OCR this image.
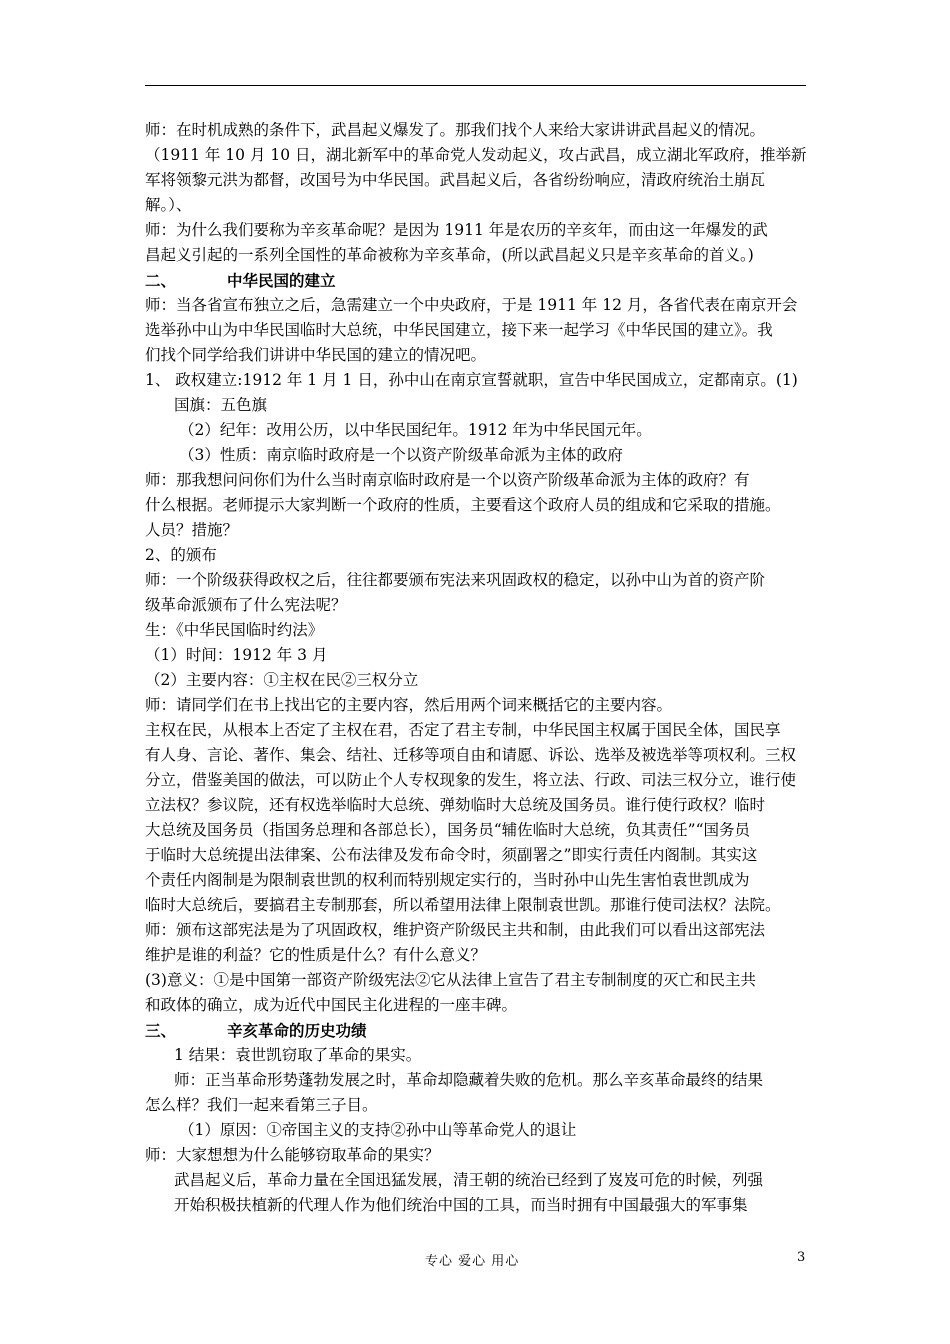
师：在时机成熟的条件下，武昌起义爆发了。那我们找个人来给大家讲讲武昌起义的情况。
（1911 年 10 月 10 日，湖北新军中的革命党人发动起义，攻占武昌，成立湖北军政府，推举新
军将领黎元洪为都督，改国号为中华民国。武昌起义后，各省纷纷响应，清政府统治土崩瓦
解。）、
师：为什么我们要称为辛亥革命呢？是因为 1911 年是农历的辛亥年，而由这一年爆发的武
昌起义引起的一系列全国性的革命被称为辛亥革命，(所以武昌起义只是辛亥革命的首义。)
二、	中华民国的建立
师：当各省宣布独立之后，急需建立一个中央政府，于是 1911 年 12 月，各省代表在南京开会
选举孙中山为中华民国临时大总统，中华民国建立，接下来一起学习《中华民国的建立》。我
们找个同学给我们讲讲中华民国的建立的情况吧。
1、 政权建立:1912 年 1 月 1 日，孙中山在南京宣誓就职，宣告中华民国成立，定都南京。(1)
国旗：五色旗
（2）纪年：改用公历，以中华民国纪年。1912 年为中华民国元年。
（3）性质：南京临时政府是一个以资产阶级革命派为主体的政府
师：那我想问问你们为什么当时南京临时政府是一个以资产阶级革命派为主体的政府？有
什么根据。老师提示大家判断一个政府的性质，主要看这个政府人员的组成和它采取的措施。
人员？措施？
2、的颁布
师：一个阶级获得政权之后，往往都要颁布宪法来巩固政权的稳定，以孙中山为首的资产阶
级革命派颁布了什么宪法呢？
生：《中华民国临时约法》
（1）时间：1912 年 3 月
（2）主要内容：①主权在民②三权分立
师：请同学们在书上找出它的主要内容，然后用两个词来概括它的主要内容。
主权在民，从根本上否定了主权在君，否定了君主专制，中华民国主权属于国民全体，国民享
有人身、言论、著作、集会、结社、迁移等项自由和请愿、诉讼、选举及被选举等项权利。三权
分立，借鉴美国的做法，可以防止个人专权现象的发生，将立法、行政、司法三权分立，谁行使
立法权？参议院，还有权选举临时大总统、弹劾临时大总统及国务员。谁行使行政权？临时
大总统及国务员（指国务总理和各部总长），国务员“辅佐临时大总统，负其责任”“国务员
于临时大总统提出法律案、公布法律及发布命令时，须副署之”即实行责任内阁制。其实这
个责任内阁制是为限制袁世凯的权利而特别规定实行的，当时孙中山先生害怕袁世凯成为
临时大总统后，要搞君主专制那套，所以希望用法律上限制袁世凯。那谁行使司法权？法院。
师：颁布这部宪法是为了巩固政权，维护资产阶级民主共和制，由此我们可以看出这部宪法
维护是谁的利益？它的性质是什么？有什么意义？
(3)意义：①是中国第一部资产阶级宪法②它从法律上宣告了君主专制制度的灭亡和民主共
和政体的确立，成为近代中国民主化进程的一座丰碑。
三、	辛亥革命的历史功绩
1 结果：袁世凯窃取了革命的果实。
师：正当革命形势蓬勃发展之时，革命却隐藏着失败的危机。那么辛亥革命最终的结果
怎么样？我们一起来看第三子目。
（1）原因：①帝国主义的支持②孙中山等革命党人的退让
师：大家想想为什么能够窃取革命的果实？
武昌起义后，革命力量在全国迅猛发展，清王朝的统治已经到了岌岌可危的时候，列强
开始积极扶植新的代理人作为他们统治中国的工具，而当时拥有中国最强大的军事集
专心 爱心 用心	3
